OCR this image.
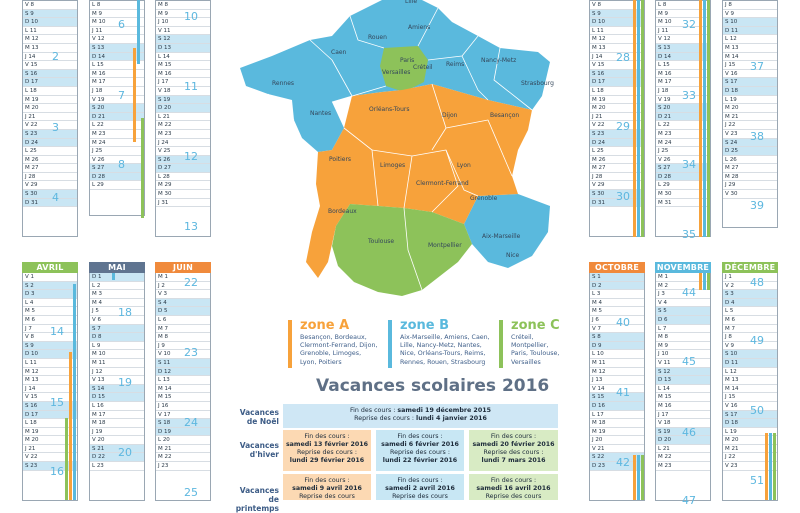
V 8
S 9
D 10
L 11
M 12
M 13
J 14
V 15
S 16
D 17
L 18
M 19
M 20
J 21
V 22
S 23
D 24
L 25
M 26
M 27
J 28
V 29
S 30
D 31
2
3
4
L 8
M 9
M 10
J 11
V 12
S 13
D 14
L 15
M 16
M 17
J 18
V 19
S 20
D 21
L 22
M 23
M 24
J 25
V 26
S 27
D 28
L 29
6
7
8
M 8
M 9
J 10
V 11
S 12
D 13
L 14
M 15
M 16
J 17
V 18
S 19
D 20
L 21
M 22
M 23
J 24
V 25
S 26
D 27
L 28
M 29
M 30
J 31
10
11
12
13
AVRIL
V 1
S 2
D 3
L 4
M 5
M 6
J 7
V 8
S 9
D 10
L 11
M 12
M 13
J 14
V 15
S 16
D 17
L 18
M 19
M 20
J 21
V 22
S 23
14
15
16
MAI
D 1
L 2
M 3
M 4
J 5
V 6
S 7
D 8
L 9
M 10
M 11
J 12
V 13
S 14
D 15
L 16
M 17
M 18
J 19
V 20
S 21
D 22
L 23
18
19
20
JUIN
M 1
J 2
V 3
S 4
D 5
L 6
M 7
M 8
J 9
V 10
S 11
D 12
L 13
M 14
M 15
J 16
V 17
S 18
D 19
L 20
M 21
M 22
J 23
22
23
24
25
V 8
S 9
D 10
L 11
M 12
M 13
J 14
V 15
S 16
D 17
L 18
M 19
M 20
J 21
V 22
S 23
D 24
L 25
M 26
M 27
J 28
V 29
S 30
D 31
28
29
30
L 8
M 9
M 10
J 11
V 12
S 13
D 14
L 15
M 16
M 17
J 18
V 19
S 20
D 21
L 22
M 23
M 24
J 25
V 26
S 27
D 28
L 29
M 30
M 31
32
33
34
35
J 8
V 9
S 10
D 11
L 12
M 13
M 14
J 15
V 16
S 17
D 18
L 19
M 20
M 21
J 22
V 23
S 24
D 25
L 26
M 27
M 28
J 29
V 30
37
38
39
OCTOBRE
S 1
D 2
L 3
M 4
M 5
J 6
V 7
S 8
D 9
L 10
M 11
M 12
J 13
V 14
S 15
D 16
L 17
M 18
M 19
J 20
V 21
S 22
D 23
40
41
42
NOVEMBRE
M 1
M 2
J 3
V 4
S 5
D 6
L 7
M 8
M 9
J 10
V 11
S 12
D 13
L 14
M 15
M 16
J 17
V 18
S 19
D 20
L 21
M 22
M 23
44
45
46
47
DÉCEMBRE
J 1
V 2
S 3
D 4
L 5
M 6
M 7
J 8
V 9
S 10
D 11
L 12
M 13
M 14
J 15
V 16
S 17
D 18
L 19
M 20
M 21
J 22
V 23
48
49
50
51
Lille
Amiens
Rouen
Caen
Paris
Créteil
Versailles
Reims
Nancy-Metz
Strasbourg
Rennes
Nantes
Orléans-Tours
Dijon	Besançon
Poitiers
Limoges
Clermont-Ferrand
Lyon
Grenoble
Bordeaux
Toulouse
Montpellier
Aix-Marseille
Nice
zone A
Besançon, Bordeaux,
Clermont-Ferrand, Dijon,
Grenoble, Limoges,
Lyon, Poitiers
zone B
Aix-Marseille, Amiens, Caen,
Lille, Nancy-Metz, Nantes,
Nice, Orléans-Tours, Reims,
Rennes, Rouen, Strasbourg
zone C
Créteil,
Montpellier,
Paris, Toulouse,
Versailles
Vacances scolaires 2016
Vacances
de Noël
Fin des cours : samedi 19 décembre 2015
Reprise des cours : lundi 4 janvier 2016
Vacances
d'hiver
Fin des cours :
samedi 13 février 2016
Reprise des cours :
lundi 29 février 2016
Fin des cours :
samedi 6 février 2016
Reprise des cours :
lundi 22 février 2016
Fin des cours :
samedi 20 février 2016
Reprise des cours :
lundi 7 mars 2016
Vacances
de printemps
Fin des cours :
samedi 9 avril 2016
Reprise des cours
Fin des cours :
samedi 2 avril 2016
Reprise des cours
Fin des cours :
samedi 16 avril 2016
Reprise des cours
